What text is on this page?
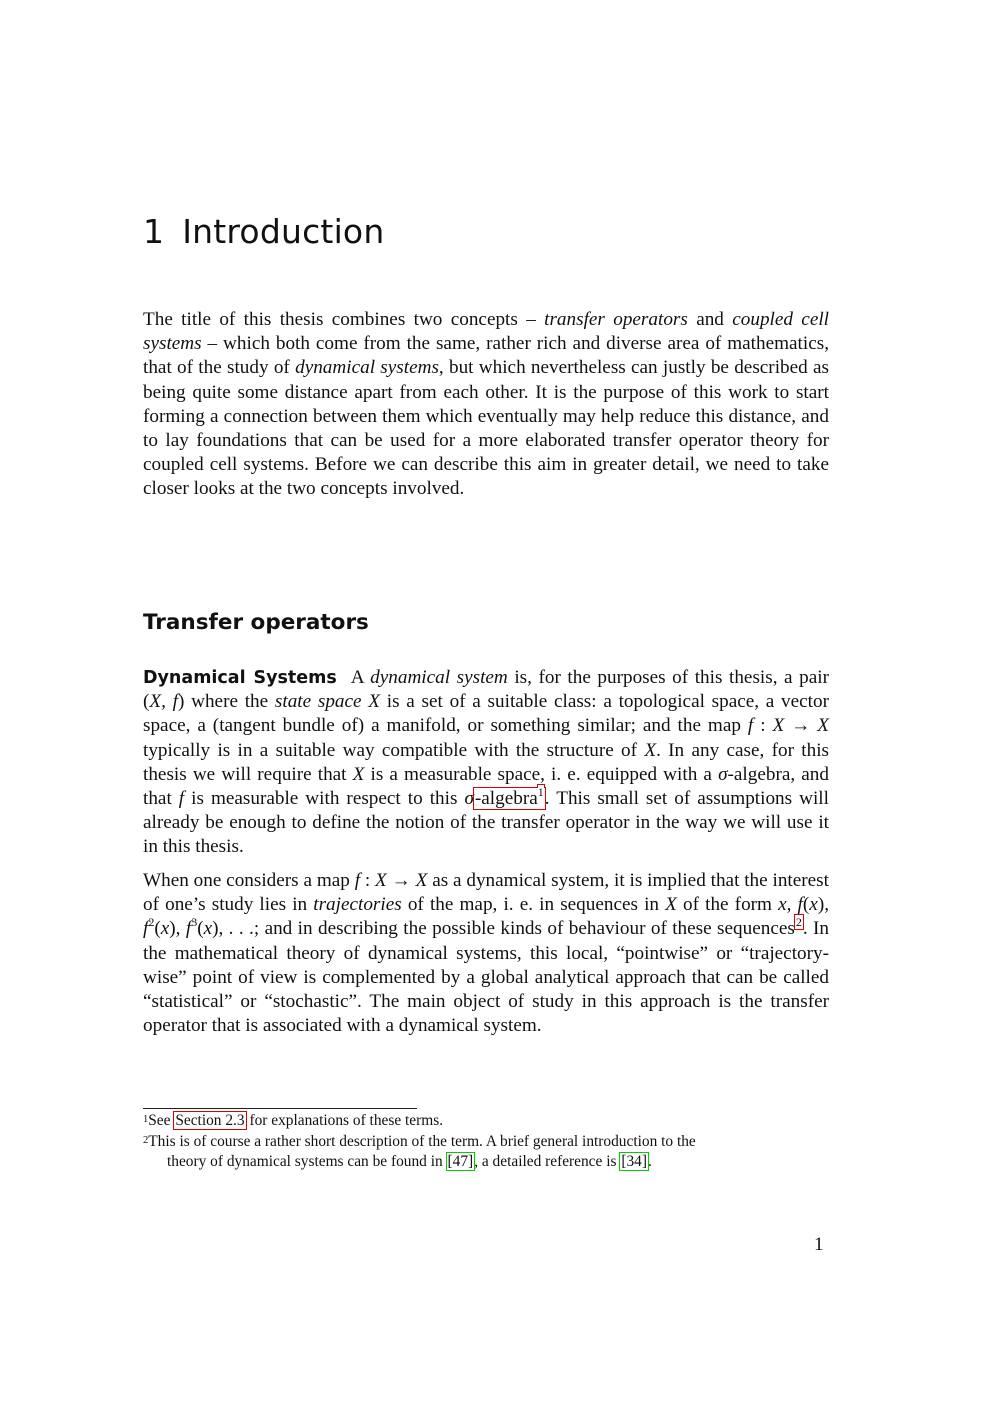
1 Introduction

The title of this thesis combines two concepts – transfer operators and coupled cell systems – which both come from the same, rather rich and diverse area of mathematics, that of the study of dynamical systems, but which nevertheless can justly be described as being quite some distance apart from each other. It is the purpose of this work to start forming a connection between them which eventually may help reduce this distance, and to lay foundations that can be used for a more elaborated transfer operator theory for coupled cell systems. Before we can describe this aim in greater detail, we need to take closer looks at the two concepts involved.

Transfer operators

Dynamical Systems A dynamical system is, for the purposes of this thesis, a pair (X, f) where the state space X is a set of a suitable class: a topological space, a vector space, a (tangent bundle of) a manifold, or something similar; and the map f : X → X typically is in a suitable way compatible with the structure of X. In any case, for this thesis we will require that X is a measurable space, i. e. equipped with a σ-algebra, and that f is measurable with respect to this σ-algebra$^1$. This small set of assumptions will already be enough to define the notion of the transfer operator in the way we will use it in this thesis.

When one considers a map f : X → X as a dynamical system, it is implied that the interest of one’s study lies in trajectories of the map, i. e. in sequences in X of the form x, f(x), f$^2$(x), f$^3$(x), . . .; and in describing the possible kinds of behaviour of these sequences$^2$. In the mathematical theory of dynamical systems, this local, “pointwise” or “trajectory-wise” point of view is complemented by a global analytical approach that can be called “statistical” or “stochastic”. The main object of study in this approach is the transfer operator that is associated with a dynamical system.

$^1$See Section 2.3 for explanations of these terms.

$^2$This is of course a rather short description of the term. A brief general introduction to the

theory of dynamical systems can be found in [47], a detailed reference is [34].

1
